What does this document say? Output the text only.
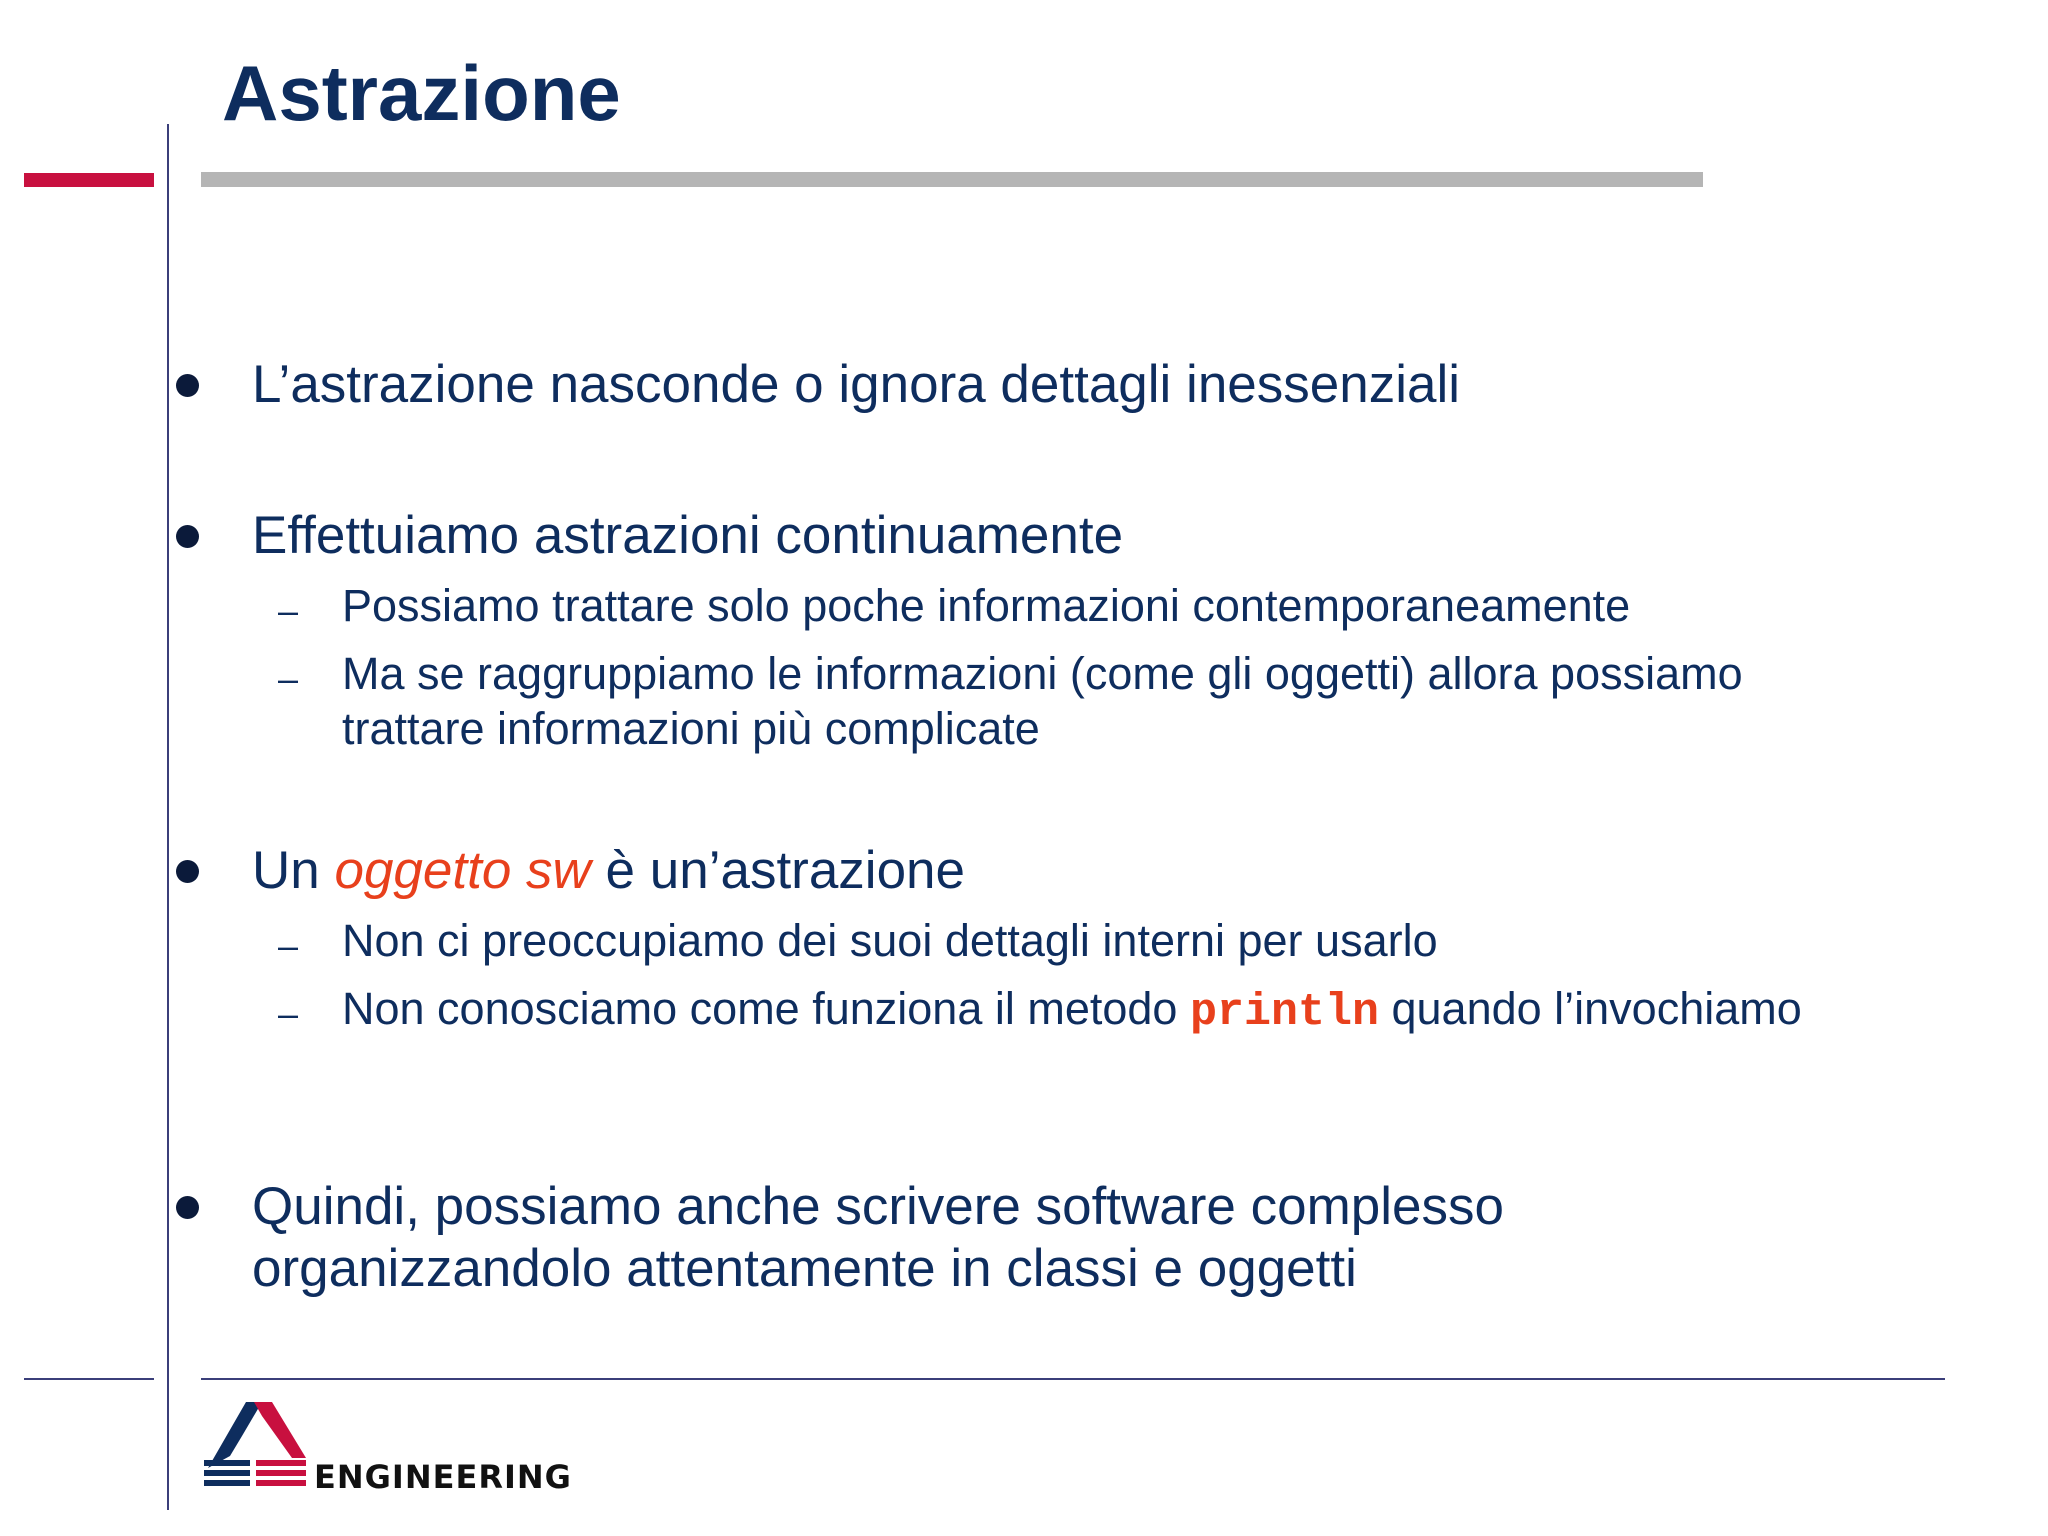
Astrazione

L’astrazione nasconde o ignora dettagli inessenziali

Effettuiamo astrazioni continuamente

– Possiamo trattare solo poche informazioni contemporaneamente

– Ma se raggruppiamo le informazioni (come gli oggetti) allora possiamo trattare informazioni più complicate

Un oggetto sw è un’astrazione

– Non ci preoccupiamo dei suoi dettagli interni per usarlo

– Non conosciamo come funziona il metodo println quando l’invochiamo

Quindi, possiamo anche scrivere software complesso organizzandolo attentamente in classi e oggetti

ENGINEERING
